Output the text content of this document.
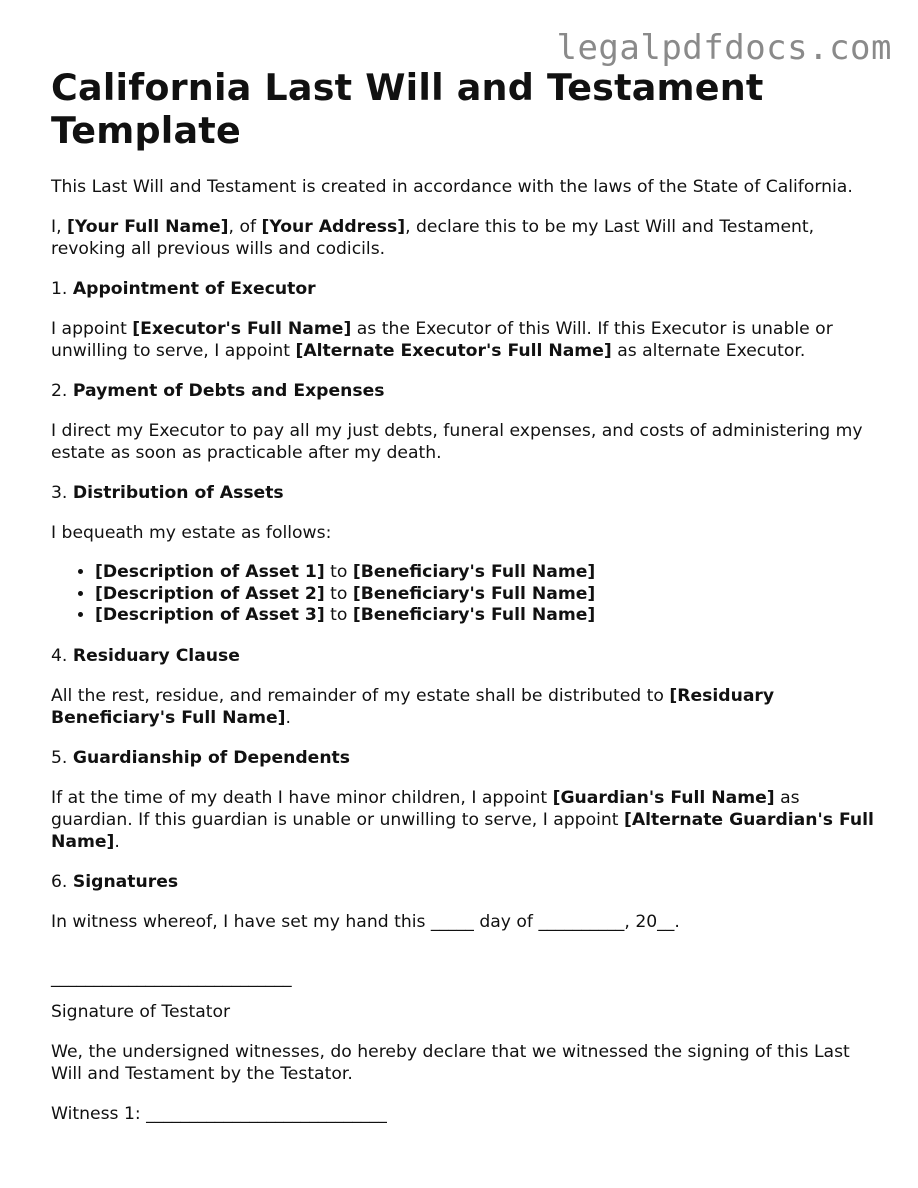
legalpdfdocs.com
California Last Will and Testament
Template

This Last Will and Testament is created in accordance with the laws of the State of California.

I, [Your Full Name], of [Your Address], declare this to be my Last Will and Testament, revoking all previous wills and codicils.

1. Appointment of Executor

I appoint [Executor's Full Name] as the Executor of this Will. If this Executor is unable or unwilling to serve, I appoint [Alternate Executor's Full Name] as alternate Executor.

2. Payment of Debts and Expenses

I direct my Executor to pay all my just debts, funeral expenses, and costs of administering my estate as soon as practicable after my death.

3. Distribution of Assets

I bequeath my estate as follows:

• [Description of Asset 1] to [Beneficiary's Full Name]
• [Description of Asset 2] to [Beneficiary's Full Name]
• [Description of Asset 3] to [Beneficiary's Full Name]

4. Residuary Clause

All the rest, residue, and remainder of my estate shall be distributed to [Residuary Beneficiary's Full Name].

5. Guardianship of Dependents

If at the time of my death I have minor children, I appoint [Guardian's Full Name] as guardian. If this guardian is unable or unwilling to serve, I appoint [Alternate Guardian's Full Name].

6. Signatures

In witness whereof, I have set my hand this _____ day of __________, 20__.

____________________________

Signature of Testator

We, the undersigned witnesses, do hereby declare that we witnessed the signing of this Last Will and Testament by the Testator.

Witness 1: ____________________________
